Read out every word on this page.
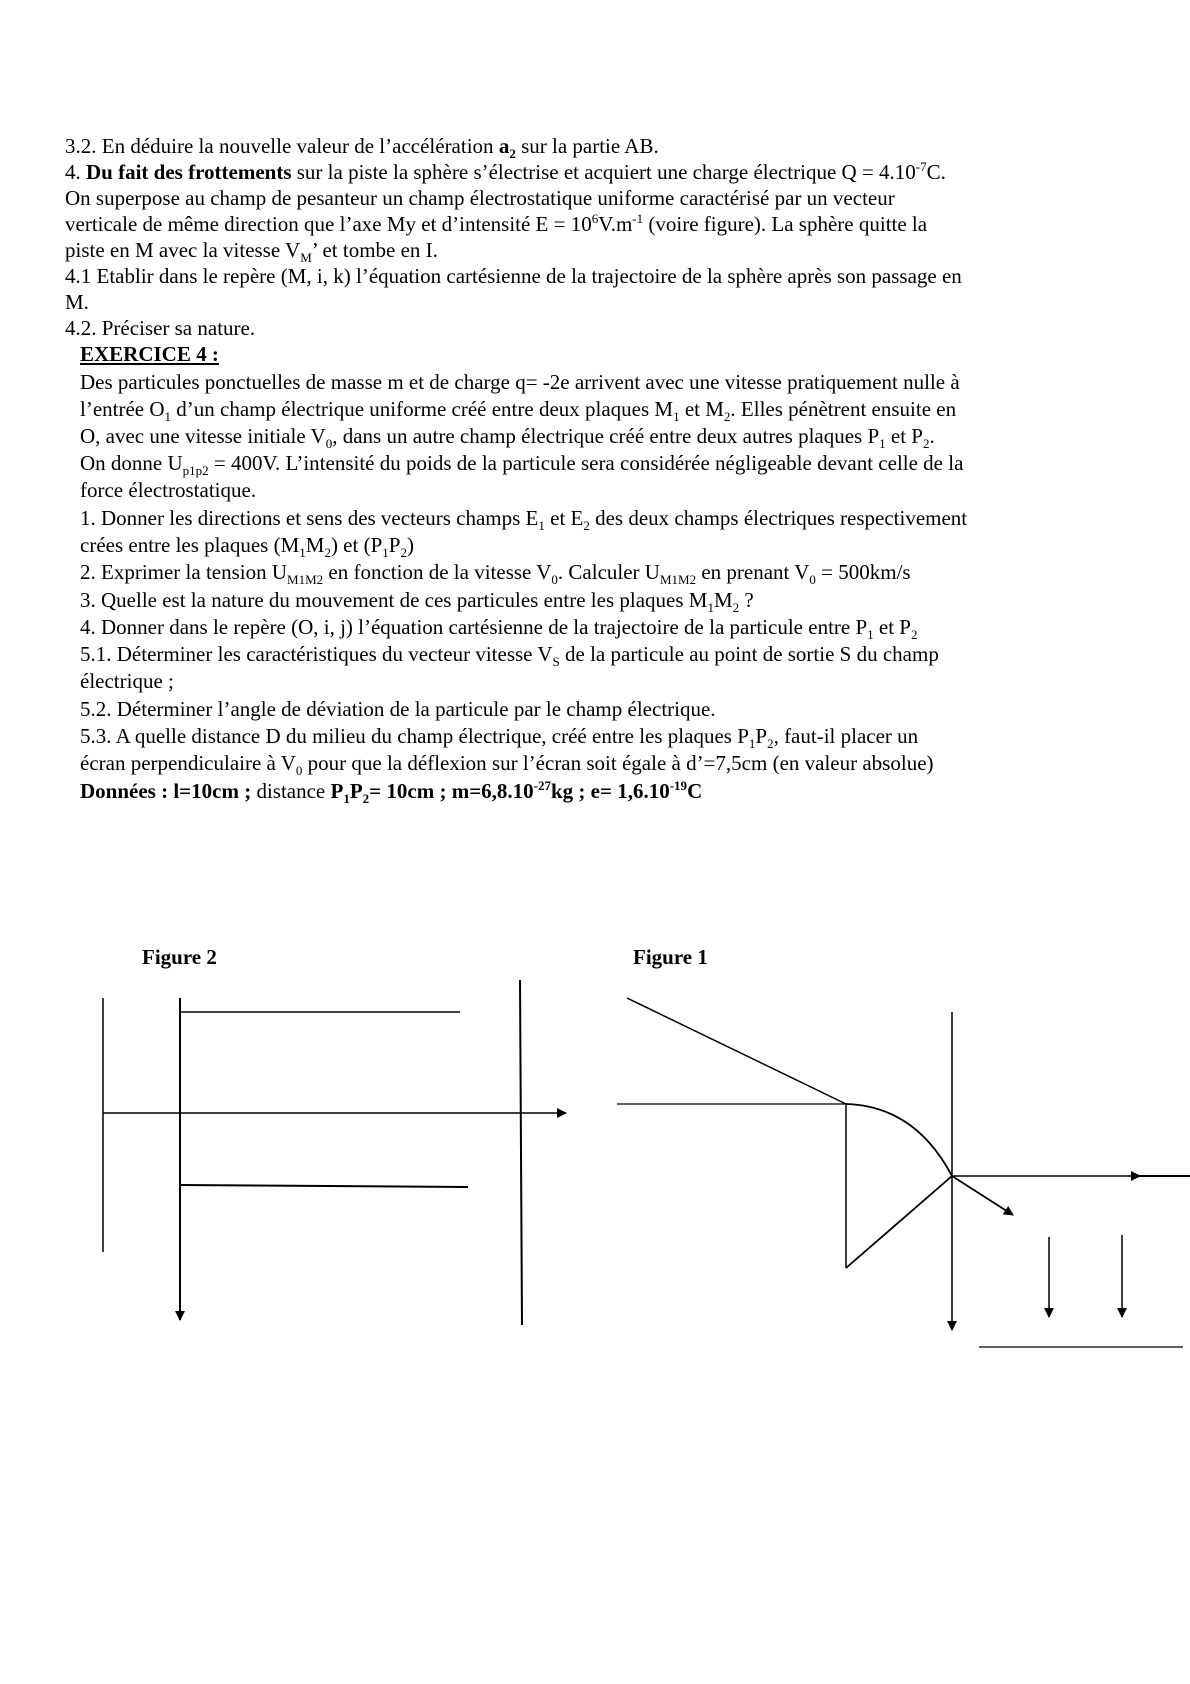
3.2. En déduire la nouvelle valeur de l’accélération $a_2$ sur la partie AB.
4. Du fait des frottements sur la piste la sphère s’électrise et acquiert une charge électrique $Q = 4.10^{-7}C$.
On superpose au champ de pesanteur un champ électrostatique uniforme caractérisé par un vecteur
verticale de même direction que l’axe My et d’intensité $E = 10^6V.m^{-1}$ (voire figure). La sphère quitte la
piste en M avec la vitesse $V_M$’ et tombe en I.
4.1 Etablir dans le repère (M, i, k) l’équation cartésienne de la trajectoire de la sphère après son passage en
M.
4.2. Préciser sa nature.
EXERCICE 4 :
Des particules ponctuelles de masse m et de charge q= -2e arrivent avec une vitesse pratiquement nulle à
l’entrée $O_1$ d’un champ électrique uniforme créé entre deux plaques $M_1$ et $M_2$. Elles pénètrent ensuite en
O, avec une vitesse initiale $V_0$, dans un autre champ électrique créé entre deux autres plaques $P_1$ et $P_2$.
On donne $U_{p1p2} = 400V$. L’intensité du poids de la particule sera considérée négligeable devant celle de la
force électrostatique.
1. Donner les directions et sens des vecteurs champs $E_1$ et $E_2$ des deux champs électriques respectivement
crées entre les plaques $(M_1M_2)$ et $(P_1P_2)$
2. Exprimer la tension $U_{M1M2}$ en fonction de la vitesse $V_0$. Calculer $U_{M1M2}$ en prenant $V_0 = 500km/s$
3. Quelle est la nature du mouvement de ces particules entre les plaques $M_1M_2$ ?
4. Donner dans le repère (O, i, j) l’équation cartésienne de la trajectoire de la particule entre $P_1$ et $P_2$
5.1. Déterminer les caractéristiques du vecteur vitesse $V_S$ de la particule au point de sortie S du champ
électrique ;
5.2. Déterminer l’angle de déviation de la particule par le champ électrique.
5.3. A quelle distance D du milieu du champ électrique, créé entre les plaques $P_1P_2$, faut-il placer un
écran perpendiculaire à $V_0$ pour que la déflexion sur l’écran soit égale à d’=7,5cm (en valeur absolue)
Données : l=10cm ; distance $P_1P_2= 10cm$ ; $m=6,8.10^{-27}kg$ ; $e= 1,6.10^{-19}C$
Figure 2	Figure 1
